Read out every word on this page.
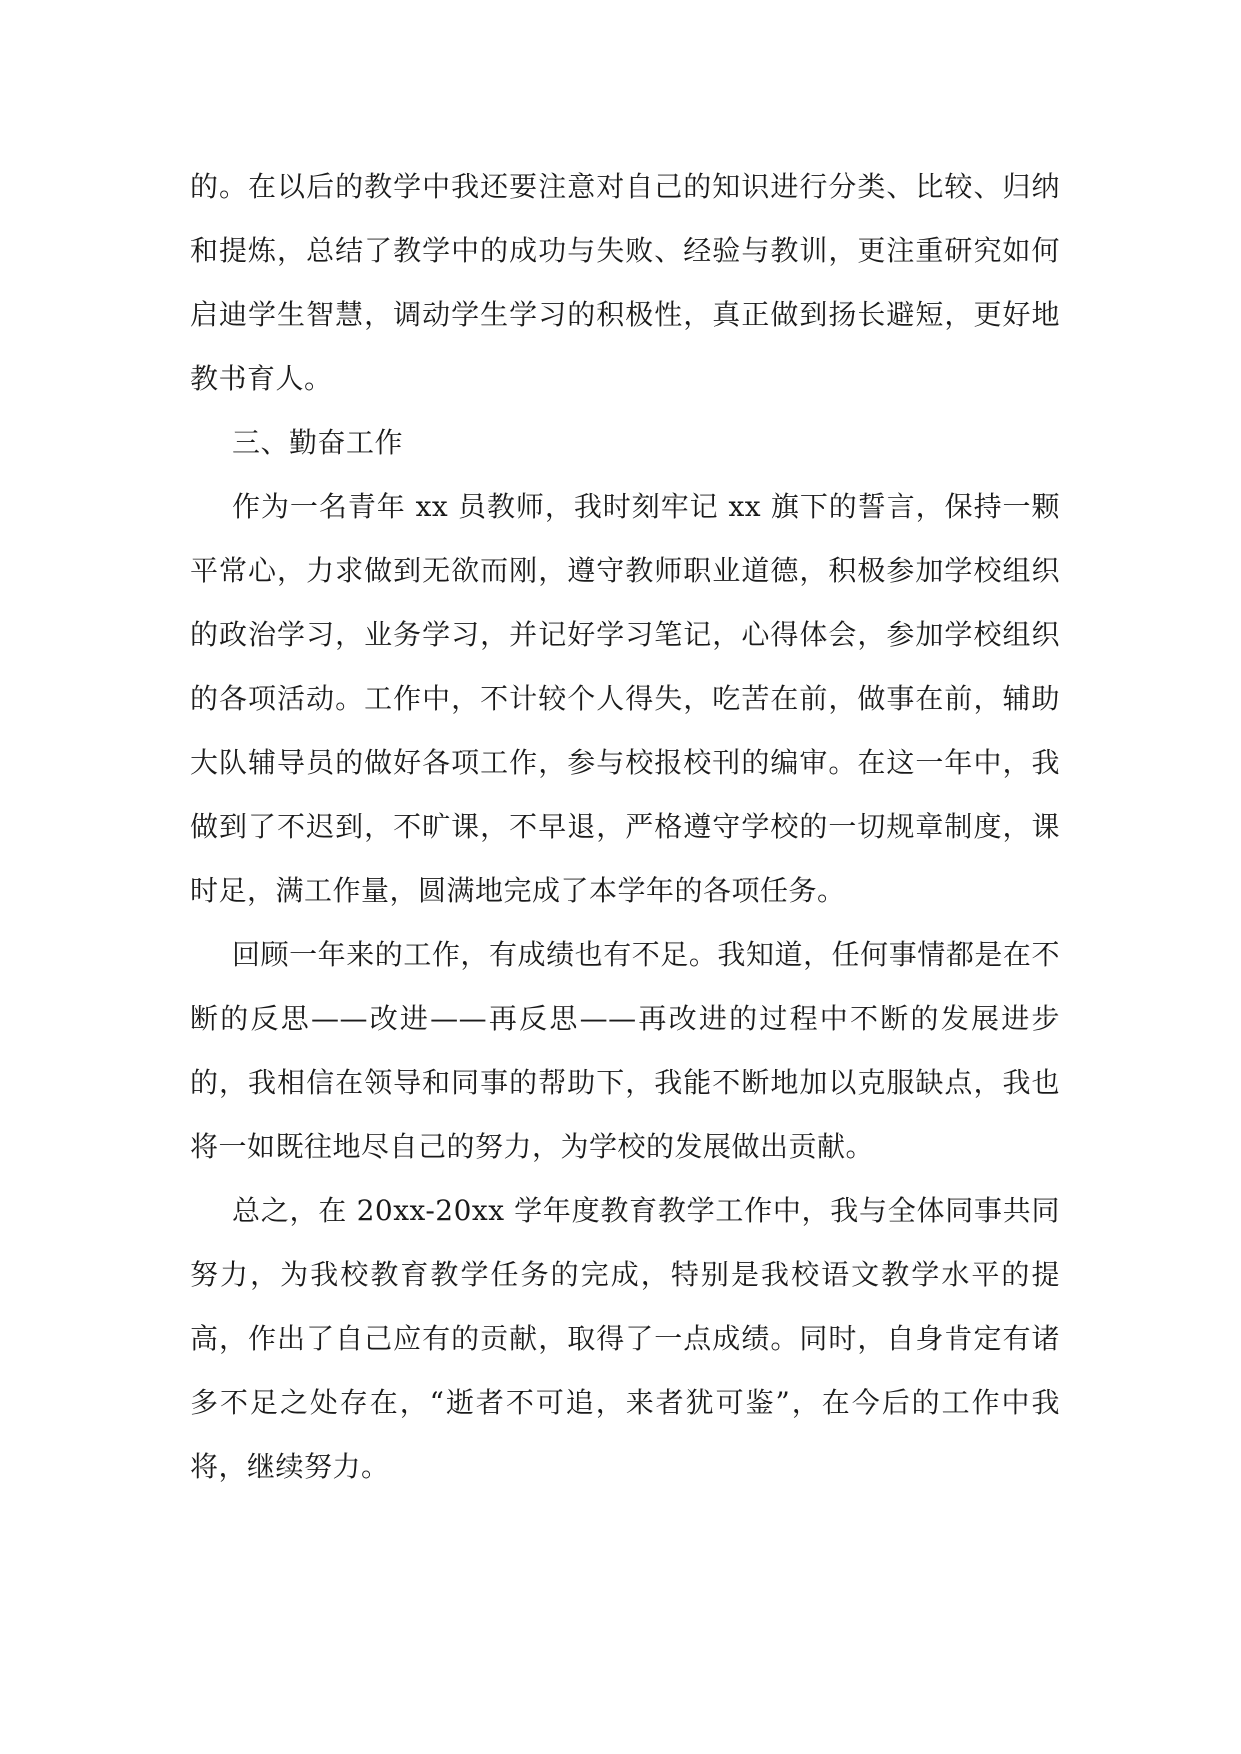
的。在以后的教学中我还要注意对自己的知识进行分类、比较、归纳和提炼，总结了教学中的成功与失败、经验与教训，更注重研究如何启迪学生智慧，调动学生学习的积极性，真正做到扬长避短，更好地教书育人。

三、勤奋工作

作为一名青年 xx 员教师，我时刻牢记 xx 旗下的誓言，保持一颗平常心，力求做到无欲而刚，遵守教师职业道德，积极参加学校组织的政治学习，业务学习，并记好学习笔记，心得体会，参加学校组织的各项活动。工作中，不计较个人得失，吃苦在前，做事在前，辅助大队辅导员的做好各项工作，参与校报校刊的编审。在这一年中，我做到了不迟到，不旷课，不早退，严格遵守学校的一切规章制度，课时足，满工作量，圆满地完成了本学年的各项任务。

回顾一年来的工作，有成绩也有不足。我知道，任何事情都是在不断的反思——改进——再反思——再改进的过程中不断的发展进步的，我相信在领导和同事的帮助下，我能不断地加以克服缺点，我也将一如既往地尽自己的努力，为学校的发展做出贡献。

总之，在 20xx-20xx 学年度教育教学工作中，我与全体同事共同努力，为我校教育教学任务的完成，特别是我校语文教学水平的提高，作出了自己应有的贡献，取得了一点成绩。同时，自身肯定有诸多不足之处存在，“逝者不可追，来者犹可鉴”，在今后的工作中我将，继续努力。
